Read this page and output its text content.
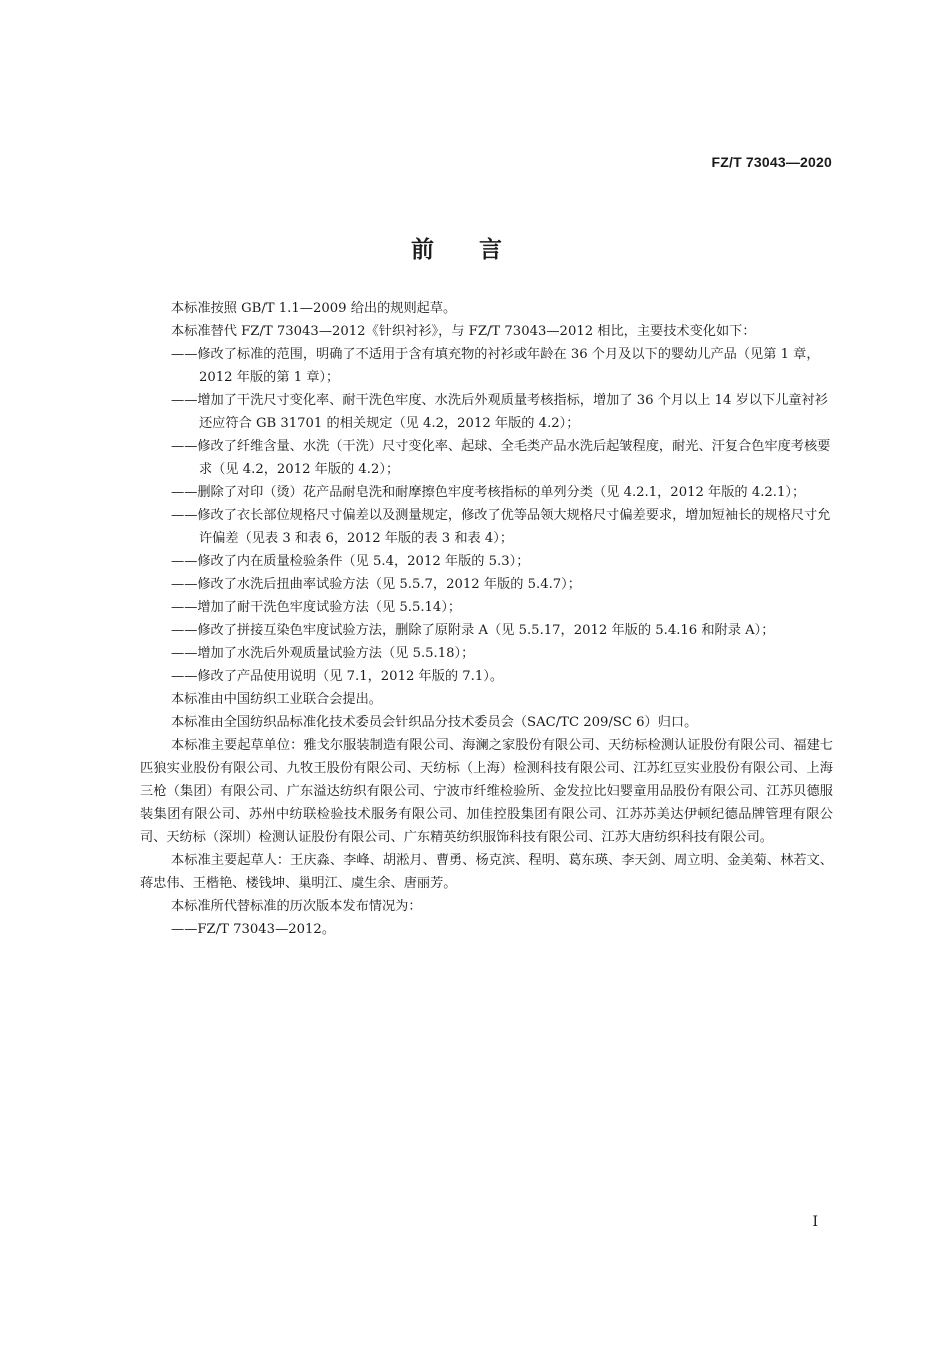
FZ/T 73043—2020
前言

本标准按照 GB/T 1.1—2009 给出的规则起草。

本标准替代 FZ/T 73043—2012《针织衬衫》，与 FZ/T 73043—2012 相比，主要技术变化如下：

——修改了标准的范围，明确了不适用于含有填充物的衬衫或年龄在 36 个月及以下的婴幼儿产品（见第 1 章，2012 年版的第 1 章）；

——增加了干洗尺寸变化率、耐干洗色牢度、水洗后外观质量考核指标，增加了 36 个月以上 14 岁以下儿童衬衫还应符合 GB 31701 的相关规定（见 4.2，2012 年版的 4.2）；

——修改了纤维含量、水洗（干洗）尺寸变化率、起球、全毛类产品水洗后起皱程度，耐光、汗复合色牢度考核要求（见 4.2，2012 年版的 4.2）；

——删除了对印（烫）花产品耐皂洗和耐摩擦色牢度考核指标的单列分类（见 4.2.1，2012 年版的 4.2.1）；

——修改了衣长部位规格尺寸偏差以及测量规定，修改了优等品领大规格尺寸偏差要求，增加短袖长的规格尺寸允许偏差（见表 3 和表 6，2012 年版的表 3 和表 4）；

——修改了内在质量检验条件（见 5.4，2012 年版的 5.3）；

——修改了水洗后扭曲率试验方法（见 5.5.7，2012 年版的 5.4.7）；

——增加了耐干洗色牢度试验方法（见 5.5.14）；

——修改了拼接互染色牢度试验方法，删除了原附录 A（见 5.5.17，2012 年版的 5.4.16 和附录 A）；

——增加了水洗后外观质量试验方法（见 5.5.18）；

——修改了产品使用说明（见 7.1，2012 年版的 7.1）。

本标准由中国纺织工业联合会提出。

本标准由全国纺织品标准化技术委员会针织品分技术委员会（SAC/TC 209/SC 6）归口。

本标准主要起草单位：雅戈尔服装制造有限公司、海澜之家股份有限公司、天纺标检测认证股份有限公司、福建七匹狼实业股份有限公司、九牧王股份有限公司、天纺标（上海）检测科技有限公司、江苏红豆实业股份有限公司、上海三枪（集团）有限公司、广东溢达纺织有限公司、宁波市纤维检验所、金发拉比妇婴童用品股份有限公司、江苏贝德服装集团有限公司、苏州中纺联检验技术服务有限公司、加佳控股集团有限公司、江苏苏美达伊顿纪德品牌管理有限公司、天纺标（深圳）检测认证股份有限公司、广东精英纺织服饰科技有限公司、江苏大唐纺织科技有限公司。

本标准主要起草人：王庆淼、李峰、胡淞月、曹勇、杨克滨、程明、葛东瑛、李天剑、周立明、金美菊、林若文、蒋忠伟、王楷艳、楼钱坤、巢明江、虞生余、唐丽芳。

本标准所代替标准的历次版本发布情况为：

——FZ/T 73043—2012。

I
